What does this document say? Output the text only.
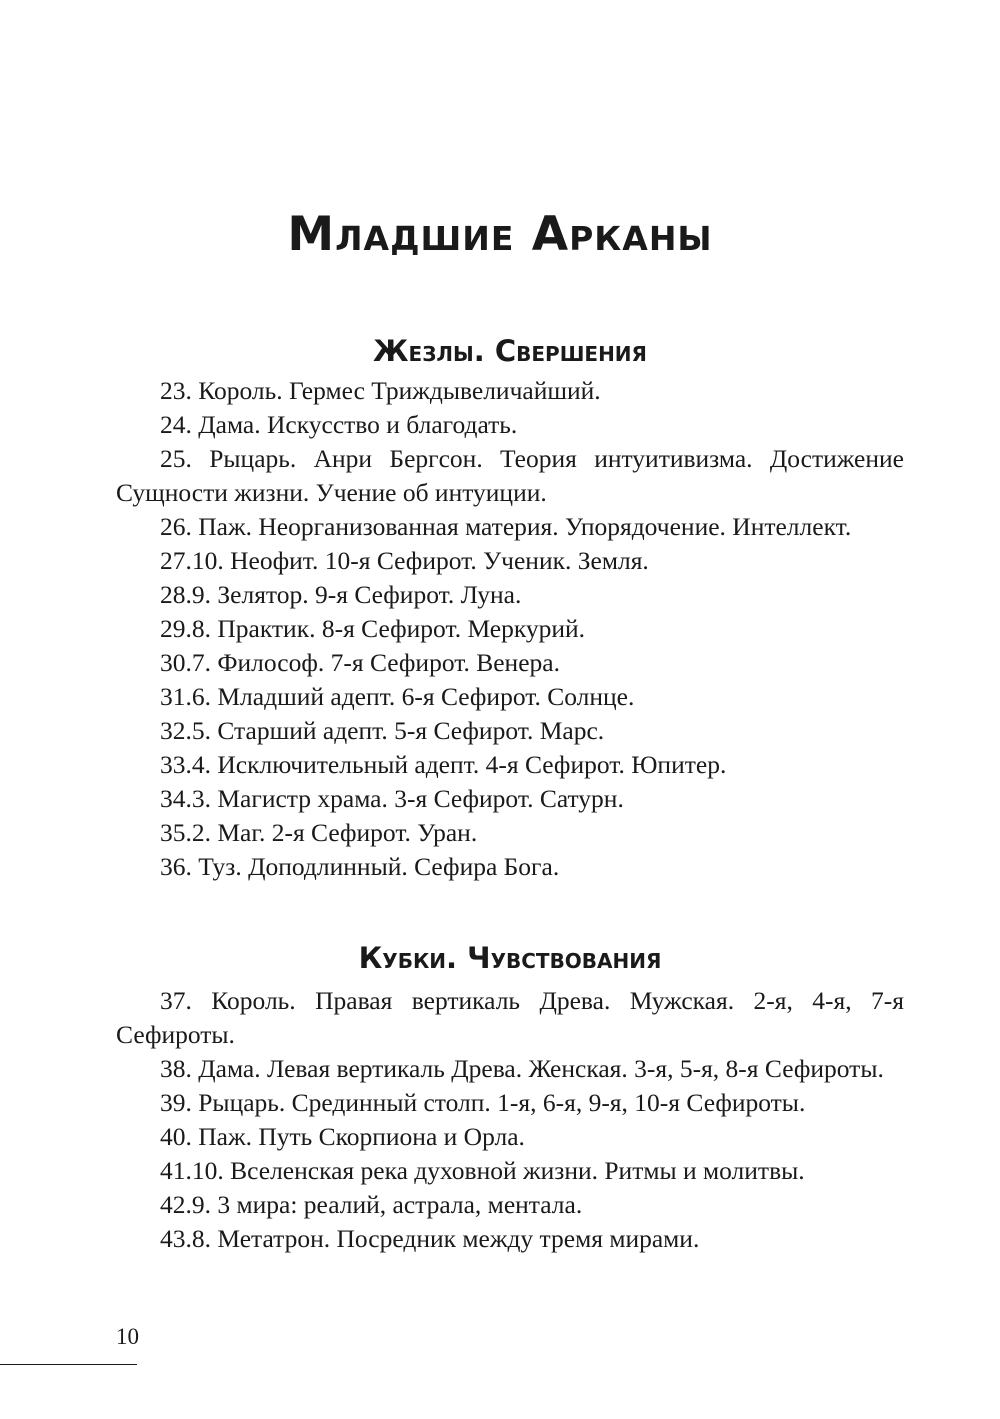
Младшие Арканы
Жезлы. Свершения
23. Король. Гермес Триждывеличайший.
24. Дама. Искусство и благодать.
25. Рыцарь. Анри Бергсон. Теория интуитивизма. Достижение Сущности жизни. Учение об интуиции.
26. Паж. Неорганизованная материя. Упорядочение. Интеллект.
27.10. Неофит. 10-я Сефирот. Ученик. Земля.
28.9. Зелятор. 9-я Сефирот. Луна.
29.8. Практик. 8-я Сефирот. Меркурий.
30.7. Философ. 7-я Сефирот. Венера.
31.6. Младший адепт. 6-я Сефирот. Солнце.
32.5. Старший адепт. 5-я Сефирот. Марс.
33.4. Исключительный адепт. 4-я Сефирот. Юпитер.
34.3. Магистр храма. 3-я Сефирот. Сатурн.
35.2. Маг. 2-я Сефирот. Уран.
36. Туз. Доподлинный. Сефира Бога.
Кубки. Чувствования
37. Король. Правая вертикаль Древа. Мужская. 2-я, 4-я, 7-я Сефироты.
38. Дама. Левая вертикаль Древа. Женская. 3-я, 5-я, 8-я Сефироты.
39. Рыцарь. Срединный столп. 1-я, 6-я, 9-я, 10-я Сефироты.
40. Паж. Путь Скорпиона и Орла.
41.10. Вселенская река духовной жизни. Ритмы и молитвы.
42.9. 3 мира: реалий, астрала, ментала.
43.8. Метатрон. Посредник между тремя мирами.
10
